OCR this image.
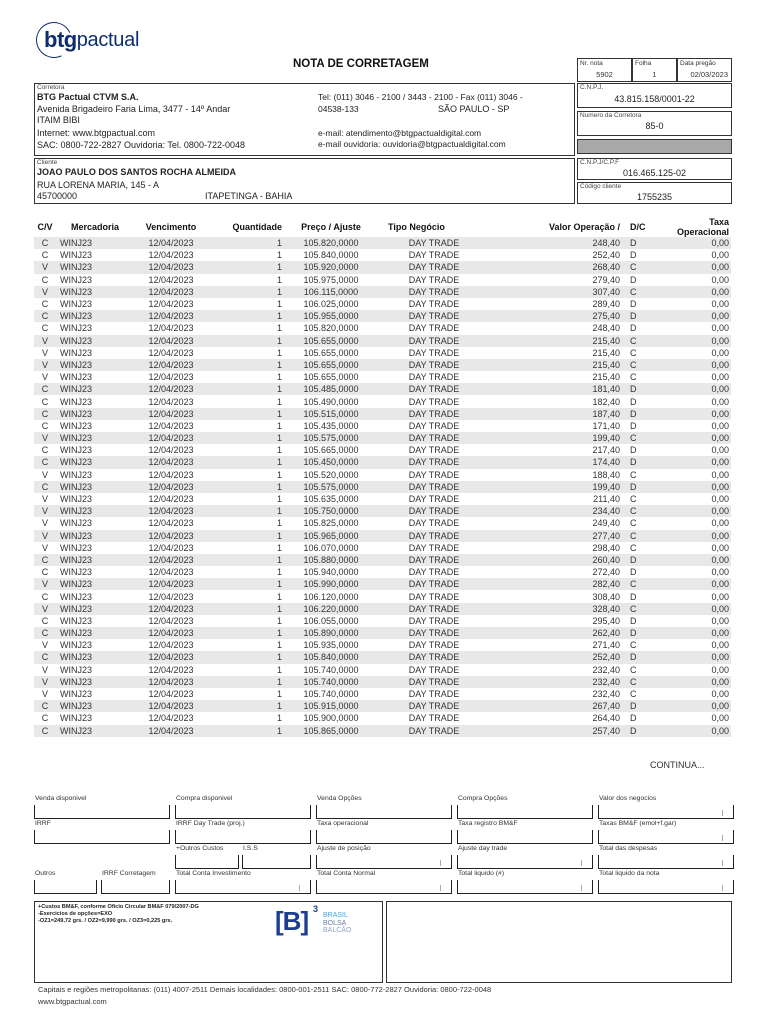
btg pactual
NOTA DE CORRETAGEM	Nr. nota
5902
Folha
1
Data pregão
02/03/2023
Corretora
BTG Pactual CTVM S.A.
Avenida Brigadeiro Faria Lima, 3477 - 14º Andar
ITAIM BIBI
Internet: www.btgpactual.com
SAC: 0800-722-2827 Ouvidoria: Tel. 0800-722-0048
Tel: (011) 3046 - 2100 / 3443 - 2100 - Fax (011) 3046 -
04538-133	SÃO PAULO - SP
e-mail: atendimento@btgpactualdigital.com
e-mail ouvidoria: ouvidoria@btgpactualdigital.com
C.N.P.J.
43.815.158/0001-22
Numero da Corretora
85-0
Cliente
JOAO PAULO DOS SANTOS ROCHA ALMEIDA
RUA LORENA MARIA, 145 - A
45700000	ITAPETINGA - BAHIA
C.N.P.J/C.P.F
016.465.125-02
Código cliente
1755235
C/V	Mercadoria	Vencimento	Quantidade	Preço / Ajuste	Tipo Negócio	Valor Operação /	D/C	Taxa Operacional
C	WINJ23	12/04/2023	1	105.820,0000	DAY TRADE	248,40	D	0,00
C	WINJ23	12/04/2023	1	105.840,0000	DAY TRADE	252,40	D	0,00
V	WINJ23	12/04/2023	1	105.920,0000	DAY TRADE	268,40	C	0,00
C	WINJ23	12/04/2023	1	105.975,0000	DAY TRADE	279,40	D	0,00
V	WINJ23	12/04/2023	1	106.115,0000	DAY TRADE	307,40	C	0,00
C	WINJ23	12/04/2023	1	106.025,0000	DAY TRADE	289,40	D	0,00
C	WINJ23	12/04/2023	1	105.955,0000	DAY TRADE	275,40	D	0,00
C	WINJ23	12/04/2023	1	105.820,0000	DAY TRADE	248,40	D	0,00
V	WINJ23	12/04/2023	1	105.655,0000	DAY TRADE	215,40	C	0,00
V	WINJ23	12/04/2023	1	105.655,0000	DAY TRADE	215,40	C	0,00
V	WINJ23	12/04/2023	1	105.655,0000	DAY TRADE	215,40	C	0,00
V	WINJ23	12/04/2023	1	105.655,0000	DAY TRADE	215,40	C	0,00
C	WINJ23	12/04/2023	1	105.485,0000	DAY TRADE	181,40	D	0,00
C	WINJ23	12/04/2023	1	105.490,0000	DAY TRADE	182,40	D	0,00
C	WINJ23	12/04/2023	1	105.515,0000	DAY TRADE	187,40	D	0,00
C	WINJ23	12/04/2023	1	105.435,0000	DAY TRADE	171,40	D	0,00
V	WINJ23	12/04/2023	1	105.575,0000	DAY TRADE	199,40	C	0,00
C	WINJ23	12/04/2023	1	105.665,0000	DAY TRADE	217,40	D	0,00
C	WINJ23	12/04/2023	1	105.450,0000	DAY TRADE	174,40	D	0,00
V	WINJ23	12/04/2023	1	105.520,0000	DAY TRADE	188,40	C	0,00
C	WINJ23	12/04/2023	1	105.575,0000	DAY TRADE	199,40	D	0,00
V	WINJ23	12/04/2023	1	105.635,0000	DAY TRADE	211,40	C	0,00
V	WINJ23	12/04/2023	1	105.750,0000	DAY TRADE	234,40	C	0,00
V	WINJ23	12/04/2023	1	105.825,0000	DAY TRADE	249,40	C	0,00
V	WINJ23	12/04/2023	1	105.965,0000	DAY TRADE	277,40	C	0,00
V	WINJ23	12/04/2023	1	106.070,0000	DAY TRADE	298,40	C	0,00
C	WINJ23	12/04/2023	1	105.880,0000	DAY TRADE	260,40	D	0,00
C	WINJ23	12/04/2023	1	105.940,0000	DAY TRADE	272,40	D	0,00
V	WINJ23	12/04/2023	1	105.990,0000	DAY TRADE	282,40	C	0,00
C	WINJ23	12/04/2023	1	106.120,0000	DAY TRADE	308,40	D	0,00
V	WINJ23	12/04/2023	1	106.220,0000	DAY TRADE	328,40	C	0,00
C	WINJ23	12/04/2023	1	106.055,0000	DAY TRADE	295,40	D	0,00
C	WINJ23	12/04/2023	1	105.890,0000	DAY TRADE	262,40	D	0,00
V	WINJ23	12/04/2023	1	105.935,0000	DAY TRADE	271,40	C	0,00
C	WINJ23	12/04/2023	1	105.840,0000	DAY TRADE	252,40	D	0,00
V	WINJ23	12/04/2023	1	105.740,0000	DAY TRADE	232,40	C	0,00
V	WINJ23	12/04/2023	1	105.740,0000	DAY TRADE	232,40	C	0,00
V	WINJ23	12/04/2023	1	105.740,0000	DAY TRADE	232,40	C	0,00
C	WINJ23	12/04/2023	1	105.915,0000	DAY TRADE	267,40	D	0,00
C	WINJ23	12/04/2023	1	105.900,0000	DAY TRADE	264,40	D	0,00
C	WINJ23	12/04/2023	1	105.865,0000	DAY TRADE	257,40	D	0,00
CONTINUA...
Venda disponivel	Compra disponivel	Venda Opções	Compra Opções	Valor dos negocios
IRRF	IRRF Day Trade (proj.)	Taxa operacional	Taxa registro BM&F	Taxas BM&F (emol+f.gar)
Ajuste de posição	Ajuste day trade	Total das despesas
Total Conta Normal	Total liquido (#)	Total liquido da nota
+Outros Custos	I.S.S
Outros	IRRF Corretagem	Total Conta Investimento
+Custos BM&F, conforme Oficio Circular BM&F 079/2007-DG
-Exercicios de opções=EXO
-OZ1=249,72 grs. / OZ2=9,990 grs. / OZ3=0,225 grs.	[B] 3
BRASIL
BOLSA
BALCÃO
Capitais e regiões metropolitanas: (011) 4007-2511 Demais localidades: 0800-001-2511 SAC: 0800-772-2827 Ouvidoria: 0800-722-0048
www.btgpactual.com
